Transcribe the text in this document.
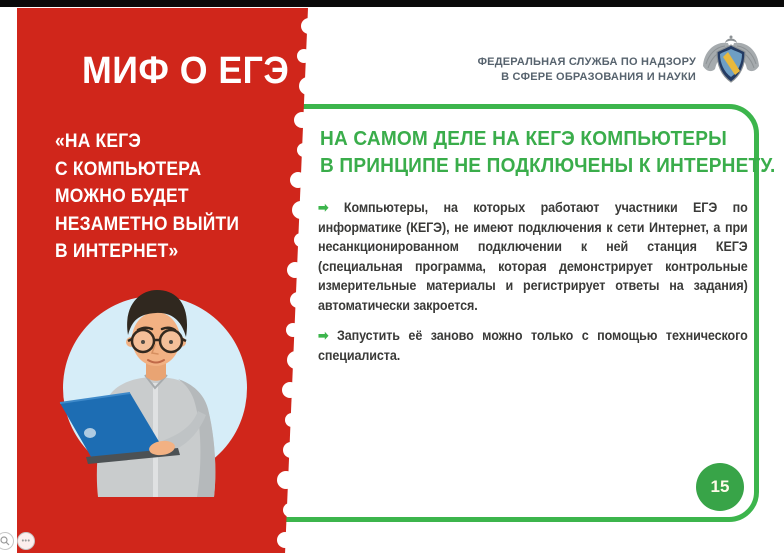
МИФ О ЕГЭ
«НА КЕГЭ
С КОМПЬЮТЕРА
МОЖНО БУДЕТ
НЕЗАМЕТНО ВЫЙТИ
В ИНТЕРНЕТ»
ФЕДЕРАЛЬНАЯ СЛУЖБА ПО НАДЗОРУ
В СФЕРЕ ОБРАЗОВАНИЯ И НАУКИ
НА САМОМ ДЕЛЕ НА КЕГЭ КОМПЬЮТЕРЫ
В ПРИНЦИПЕ НЕ ПОДКЛЮЧЕНЫ К ИНТЕРНЕТУ.

➡ Компьютеры, на которых работают участники ЕГЭ по информатике (КЕГЭ), не имеют подключения к сети Интернет, а при несанкционированном подключении к ней станция КЕГЭ (специальная программа, которая демонстрирует контрольные измерительные материалы и регистрирует ответы на задания) автоматически закроется.

➡ Запустить её заново можно только с помощью технического специалиста.

15
•••
